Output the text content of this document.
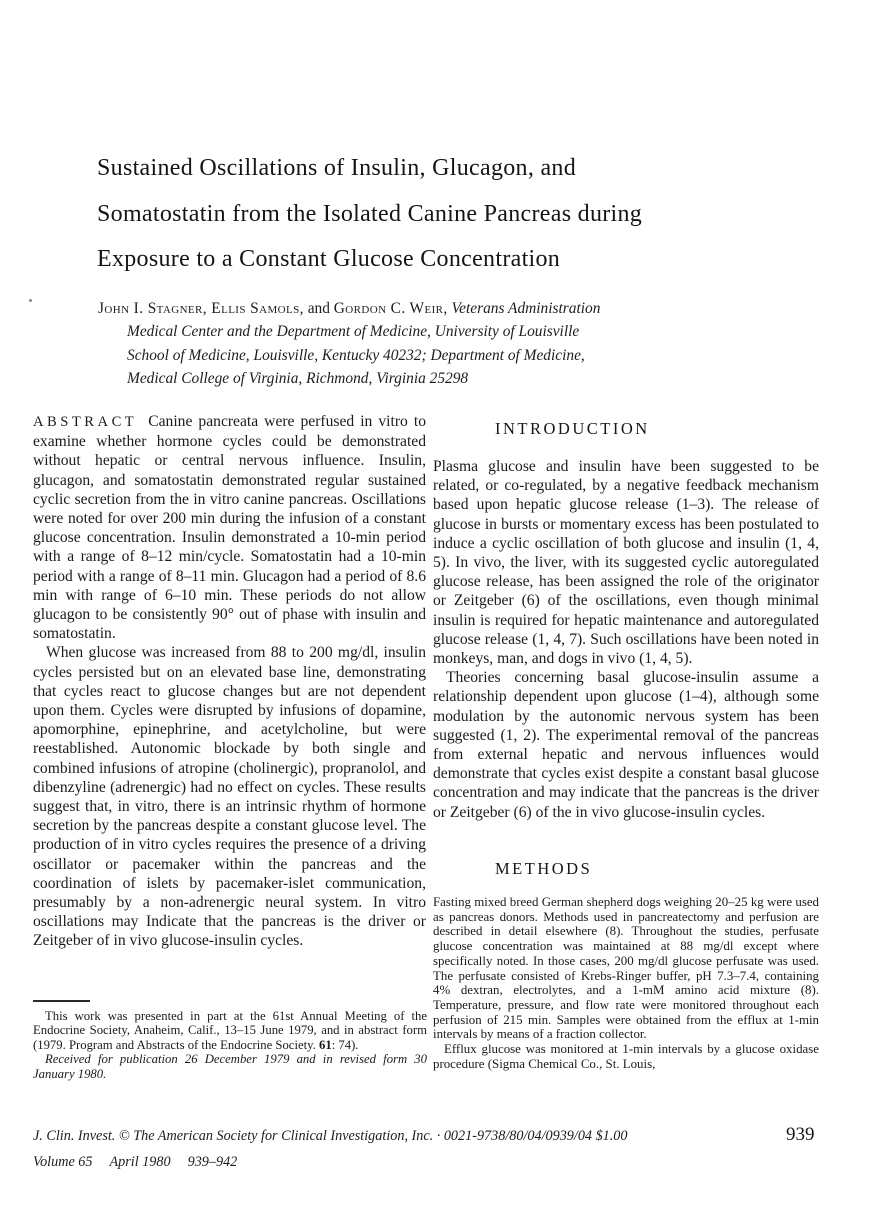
Sustained Oscillations of Insulin, Glucagon, and
Somatostatin from the Isolated Canine Pancreas during
Exposure to a Constant Glucose Concentration
John I. Stagner, Ellis Samols, and Gordon C. Weir, Veterans Administration
Medical Center and the Department of Medicine, University of Louisville
School of Medicine, Louisville, Kentucky 40232; Department of Medicine,
Medical College of Virginia, Richmond, Virginia 25298

ABSTRACT Canine pancreata were perfused in vitro to examine whether hormone cycles could be demonstrated without hepatic or central nervous influence. Insulin, glucagon, and somatostatin demonstrated regular sustained cyclic secretion from the in vitro canine pancreas. Oscillations were noted for over 200 min during the infusion of a constant glucose concentration. Insulin demonstrated a 10-min period with a range of 8–12 min/cycle. Somatostatin had a 10-min period with a range of 8–11 min. Glucagon had a period of 8.6 min with range of 6–10 min. These periods do not allow glucagon to be consistently 90° out of phase with insulin and somatostatin.

When glucose was increased from 88 to 200 mg/dl, insulin cycles persisted but on an elevated base line, demonstrating that cycles react to glucose changes but are not dependent upon them. Cycles were disrupted by infusions of dopamine, apomorphine, epinephrine, and acetylcholine, but were reestablished. Autonomic blockade by both single and combined infusions of atropine (cholinergic), propranolol, and dibenzyline (adrenergic) had no effect on cycles. These results suggest that, in vitro, there is an intrinsic rhythm of hormone secretion by the pancreas despite a constant glucose level. The production of in vitro cycles requires the presence of a driving oscillator or pacemaker within the pancreas and the coordination of islets by pacemaker-islet communication, presumably by a non-adrenergic neural system. In vitro oscillations may Indicate that the pancreas is the driver or Zeitgeber of in vivo glucose-insulin cycles.

This work was presented in part at the 61st Annual Meeting of the Endocrine Society, Anaheim, Calif., 13–15 June 1979, and in abstract form (1979. Program and Abstracts of the Endocrine Society. 61: 74).

Received for publication 26 December 1979 and in revised form 30 January 1980.

INTRODUCTION

Plasma glucose and insulin have been suggested to be related, or co-regulated, by a negative feedback mechanism based upon hepatic glucose release (1–3). The release of glucose in bursts or momentary excess has been postulated to induce a cyclic oscillation of both glucose and insulin (1, 4, 5). In vivo, the liver, with its suggested cyclic autoregulated glucose release, has been assigned the role of the originator or Zeitgeber (6) of the oscillations, even though minimal insulin is required for hepatic maintenance and autoregulated glucose release (1, 4, 7). Such oscillations have been noted in monkeys, man, and dogs in vivo (1, 4, 5).

Theories concerning basal glucose-insulin assume a relationship dependent upon glucose (1–4), although some modulation by the autonomic nervous system has been suggested (1, 2). The experimental removal of the pancreas from external hepatic and nervous influences would demonstrate that cycles exist despite a constant basal glucose concentration and may indicate that the pancreas is the driver or Zeitgeber (6) of the in vivo glucose-insulin cycles.

METHODS

Fasting mixed breed German shepherd dogs weighing 20–25 kg were used as pancreas donors. Methods used in pancreatectomy and perfusion are described in detail elsewhere (8). Throughout the studies, perfusate glucose concentration was maintained at 88 mg/dl except where specifically noted. In those cases, 200 mg/dl glucose perfusate was used. The perfusate consisted of Krebs-Ringer buffer, pH 7.3–7.4, containing 4% dextran, electrolytes, and a 1-mM amino acid mixture (8). Temperature, pressure, and flow rate were monitored throughout each perfusion of 215 min. Samples were obtained from the efflux at 1-min intervals by means of a fraction collector.

Efflux glucose was monitored at 1-min intervals by a glucose oxidase procedure (Sigma Chemical Co., St. Louis,

J. Clin. Invest. © The American Society for Clinical Investigation, Inc. · 0021-9738/80/04/0939/04 $1.00
Volume 65 April 1980 939–942
939
